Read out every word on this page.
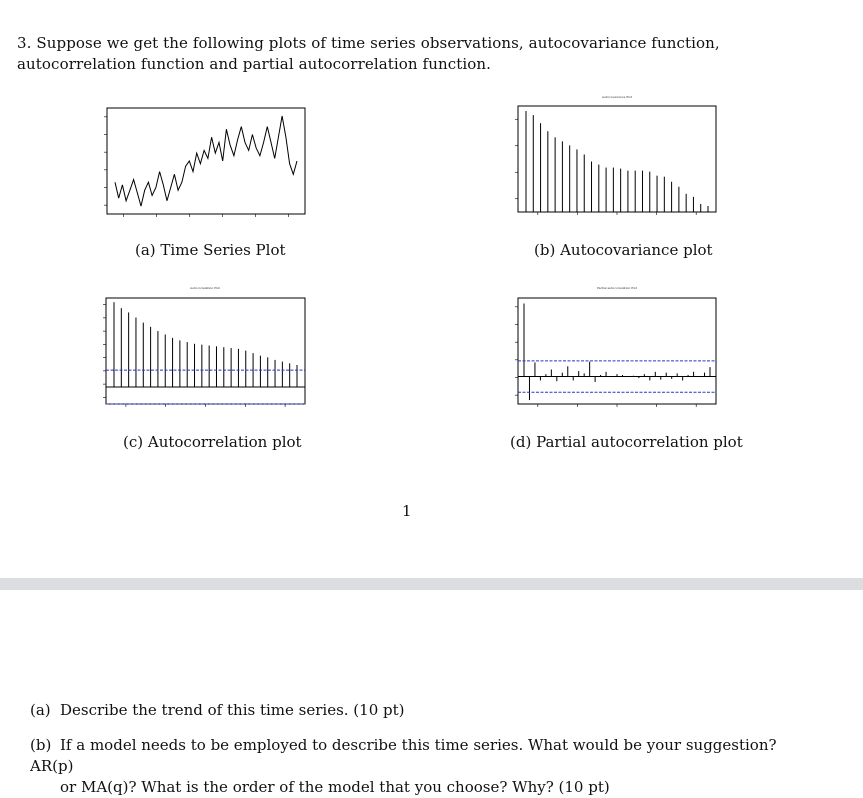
3. Suppose we get the following plots of time series observations, autocovariance function, autocorrelation function and partial autocorrelation function.

(a) Time Series Plot
Autocovariance Plot
(b) Autocovariance plot
Autocorrelation Plot
(c) Autocorrelation plot
Partial autocorrelation Plot
(d) Partial autocorrelation plot
1
(a) Describe the trend of this time series. (10 pt)
(b) If a model needs to be employed to describe this time series. What would be your suggestion? AR(p)
or MA(q)? What is the order of the model that you choose? Why? (10 pt)
